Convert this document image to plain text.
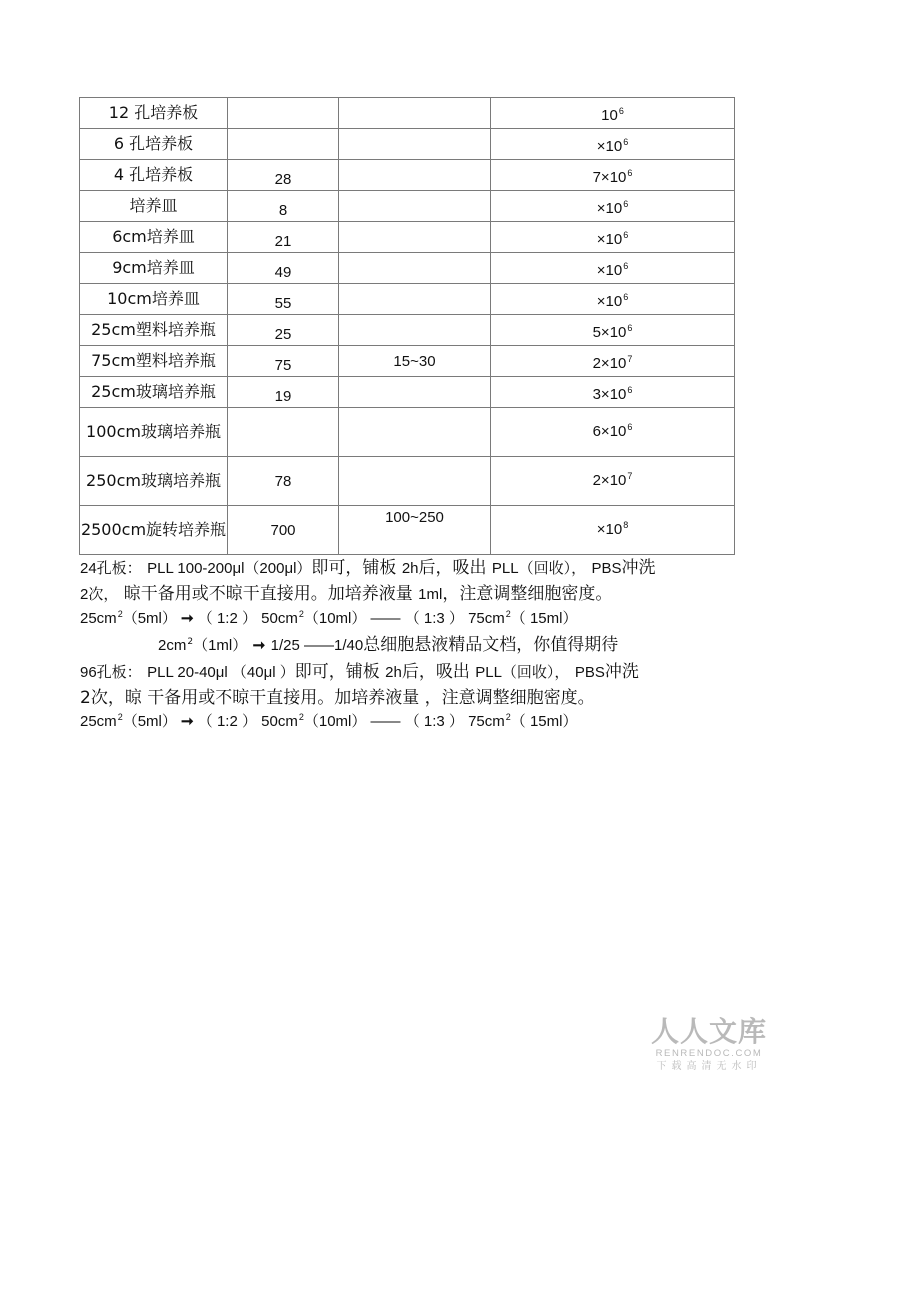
12 孔培养板			$10^6$
6 孔培养板			$\times 10^6$
4 孔培养板	28		$7\times 10^6$
培养皿	8		$\times 10^6$
6cm培养皿	21		$\times 10^6$
9cm培养皿	49		$\times 10^6$
10cm培养皿	55		$\times 10^6$
25cm塑料培养瓶	25		$5\times 10^6$
75cm塑料培养瓶	75	15~30	$2\times 10^7$
25cm玻璃培养瓶	19		$3\times 10^6$
100cm玻璃培养瓶			$6\times 10^6$
250cm玻璃培养瓶	78		$2\times 10^7$
2500cm旋转培养瓶	700	100~250	$\times 10^8$
24孔板： PLL 100-200μl（200μl）即可，铺板 2h后，吸出 PLL（回收）， PBS冲洗
2次， 晾干备用或不晾干直接用。加培养液量 1ml，注意调整细胞密度。
$25cm^2(5ml)$ ➞ （ 1:2 ） $50cm^2(10ml)$ —— （ 1:3 ） $75cm^2$（ 15ml）
$2cm^2(1ml)$ ➞ 1/25 ——1/40总细胞悬液精品文档，你值得期待
96孔板： PLL 20-40μl （40μl ）即可，铺板 2h后，吸出 PLL（回收）， PBS冲洗
2次，晾 干备用或不晾干直接用。加培养液量 ，注意调整细胞密度。
$25cm^2(5ml)$ ➞ （ 1:2 ） $50cm^2(10ml)$ —— （ 1:3 ） $75cm^2$（ 15ml）
人人文库
RENRENDOC.COM
下载高清无水印
